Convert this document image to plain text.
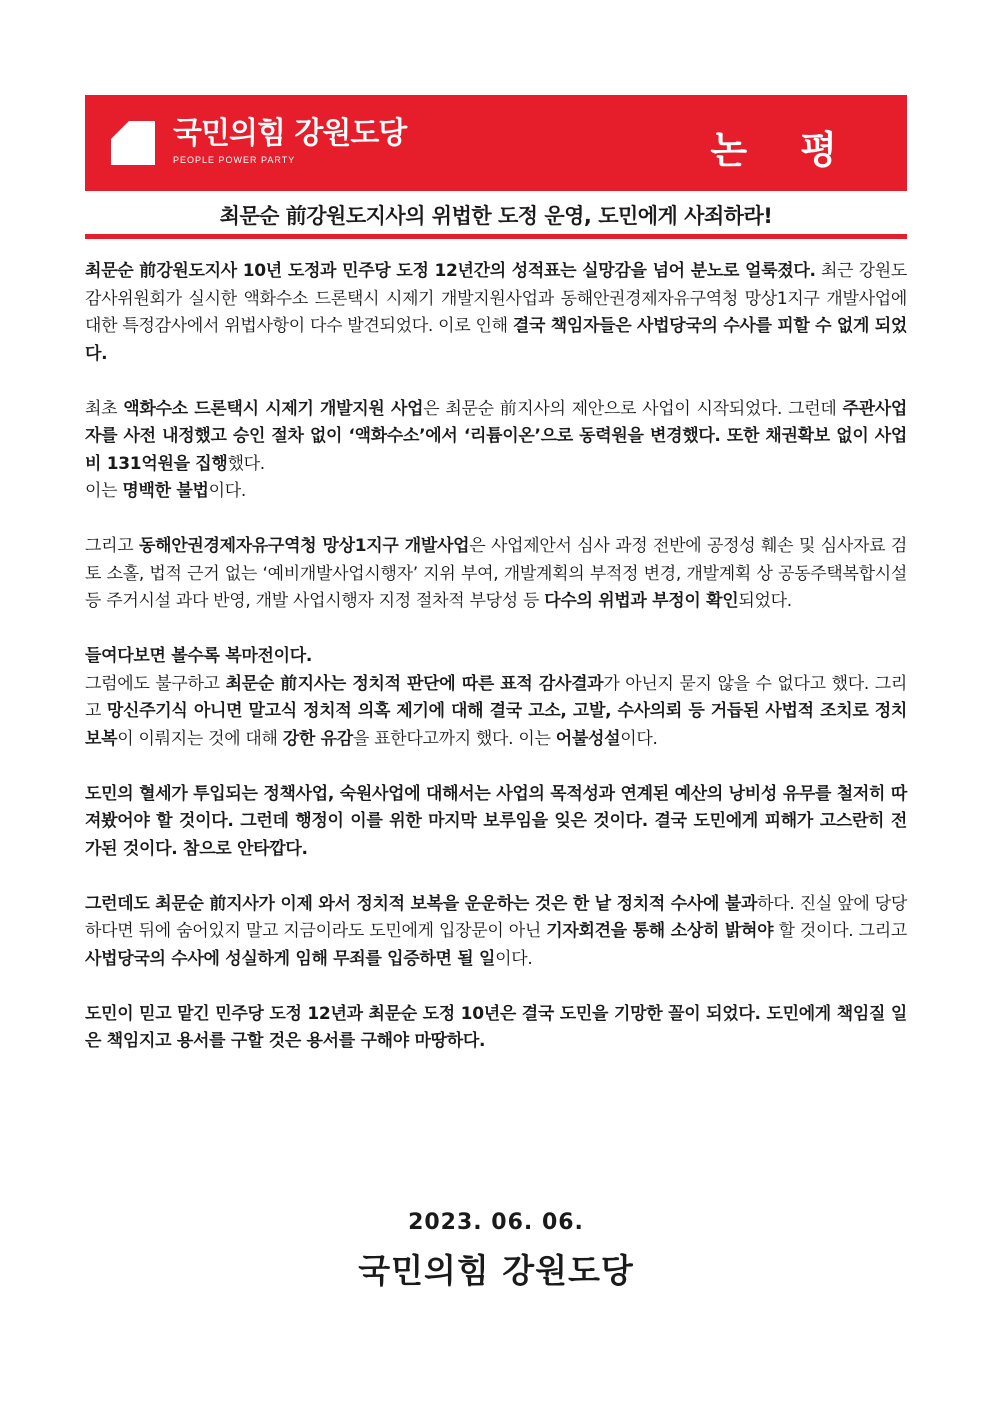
국민의힘 강원도당
PEOPLE POWER PARTY	논 평
최문순 前강원도지사의 위법한 도정 운영, 도민에게 사죄하라!

최문순 前강원도지사 10년 도정과 민주당 도정 12년간의 성적표는 실망감을 넘어 분노로 얼룩졌다. 최근 강원도감사위원회가 실시한 액화수소 드론택시 시제기 개발지원사업과 동해안권경제자유구역청 망상1지구 개발사업에 대한 특정감사에서 위법사항이 다수 발견되었다. 이로 인해 결국 책임자들은 사법당국의 수사를 피할 수 없게 되었다.

최초 액화수소 드론택시 시제기 개발지원 사업은 최문순 前지사의 제안으로 사업이 시작되었다. 그런데 주관사업자를 사전 내정했고 승인 절차 없이 ‘액화수소’에서 ‘리튬이온’으로 동력원을 변경했다. 또한 채권확보 없이 사업비 131억원을 집행했다.
이는 명백한 불법이다.

그리고 동해안권경제자유구역청 망상1지구 개발사업은 사업제안서 심사 과정 전반에 공정성 훼손 및 심사자료 검토 소홀, 법적 근거 없는 ‘예비개발사업시행자’ 지위 부여, 개발계획의 부적정 변경, 개발계획 상 공동주택복합시설등 주거시설 과다 반영, 개발 사업시행자 지정 절차적 부당성 등 다수의 위법과 부정이 확인되었다.

들여다보면 볼수록 복마전이다.
그럼에도 불구하고 최문순 前지사는 정치적 판단에 따른 표적 감사결과가 아닌지 묻지 않을 수 없다고 했다. 그리고 망신주기식 아니면 말고식 정치적 의혹 제기에 대해 결국 고소, 고발, 수사의뢰 등 거듭된 사법적 조치로 정치보복이 이뤄지는 것에 대해 강한 유감을 표한다고까지 했다. 이는 어불성설이다.

도민의 혈세가 투입되는 정책사업, 숙원사업에 대해서는 사업의 목적성과 연계된 예산의 낭비성 유무를 철저히 따져봤어야 할 것이다. 그런데 행정이 이를 위한 마지막 보루임을 잊은 것이다. 결국 도민에게 피해가 고스란히 전가된 것이다. 참으로 안타깝다.

그런데도 최문순 前지사가 이제 와서 정치적 보복을 운운하는 것은 한 낱 정치적 수사에 불과하다. 진실 앞에 당당하다면 뒤에 숨어있지 말고 지금이라도 도민에게 입장문이 아닌 기자회견을 통해 소상히 밝혀야 할 것이다. 그리고 사법당국의 수사에 성실하게 임해 무죄를 입증하면 될 일이다.

도민이 믿고 맡긴 민주당 도정 12년과 최문순 도정 10년은 결국 도민을 기망한 꼴이 되었다. 도민에게 책임질 일은 책임지고 용서를 구할 것은 용서를 구해야 마땅하다.

2023. 06. 06.
국민의힘 강원도당
